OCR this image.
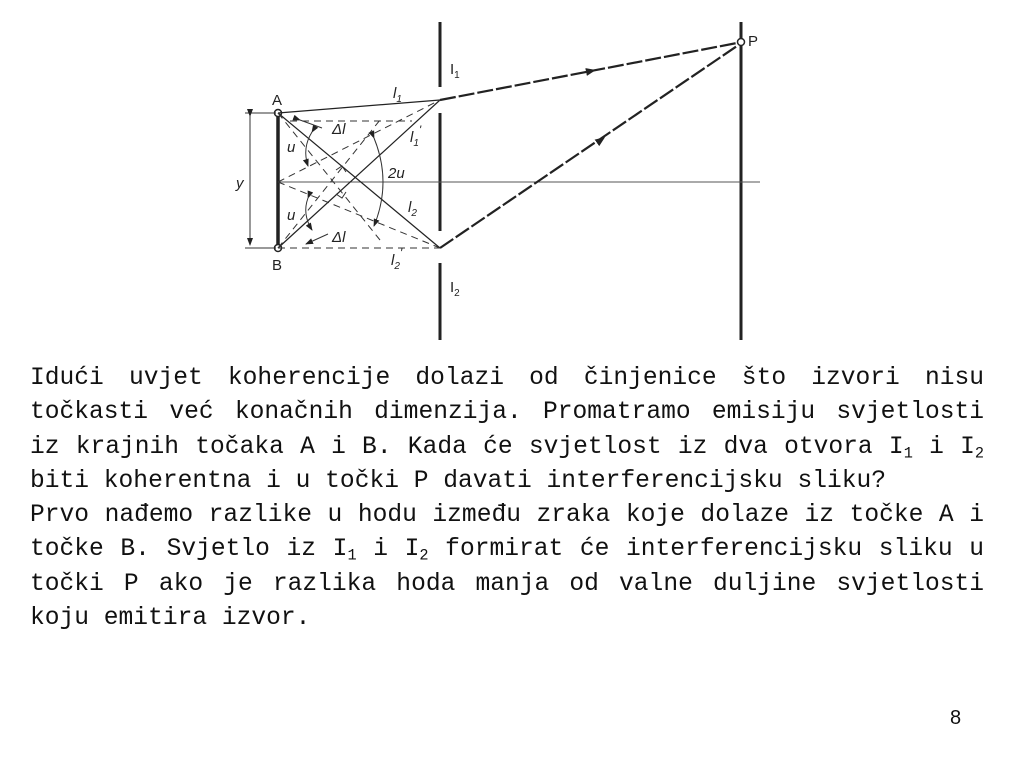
A
B
P
y
$I_1$
$I_2$
$l_1$
$l_1'$
$l_2$
$l_2'$
Δl
Δl
u
u
2u

Idući uvjet koherencije dolazi od činjenice što izvori nisu točkasti već konačnih dimenzija. Promatramo emisiju svjetlosti iz krajnih točaka A i B. Kada će svjetlost iz dva otvora $I_1$ i $I_2$ biti koherentna i u točki P davati interferencijsku sliku?

Prvo nađemo razlike u hodu između zraka koje dolaze iz točke A i točke B. Svjetlo iz $I_1$ i $I_2$ formirat će interferencijsku sliku u točki P ako je razlika hoda manja od valne duljine svjetlosti koju emitira izvor.

8
